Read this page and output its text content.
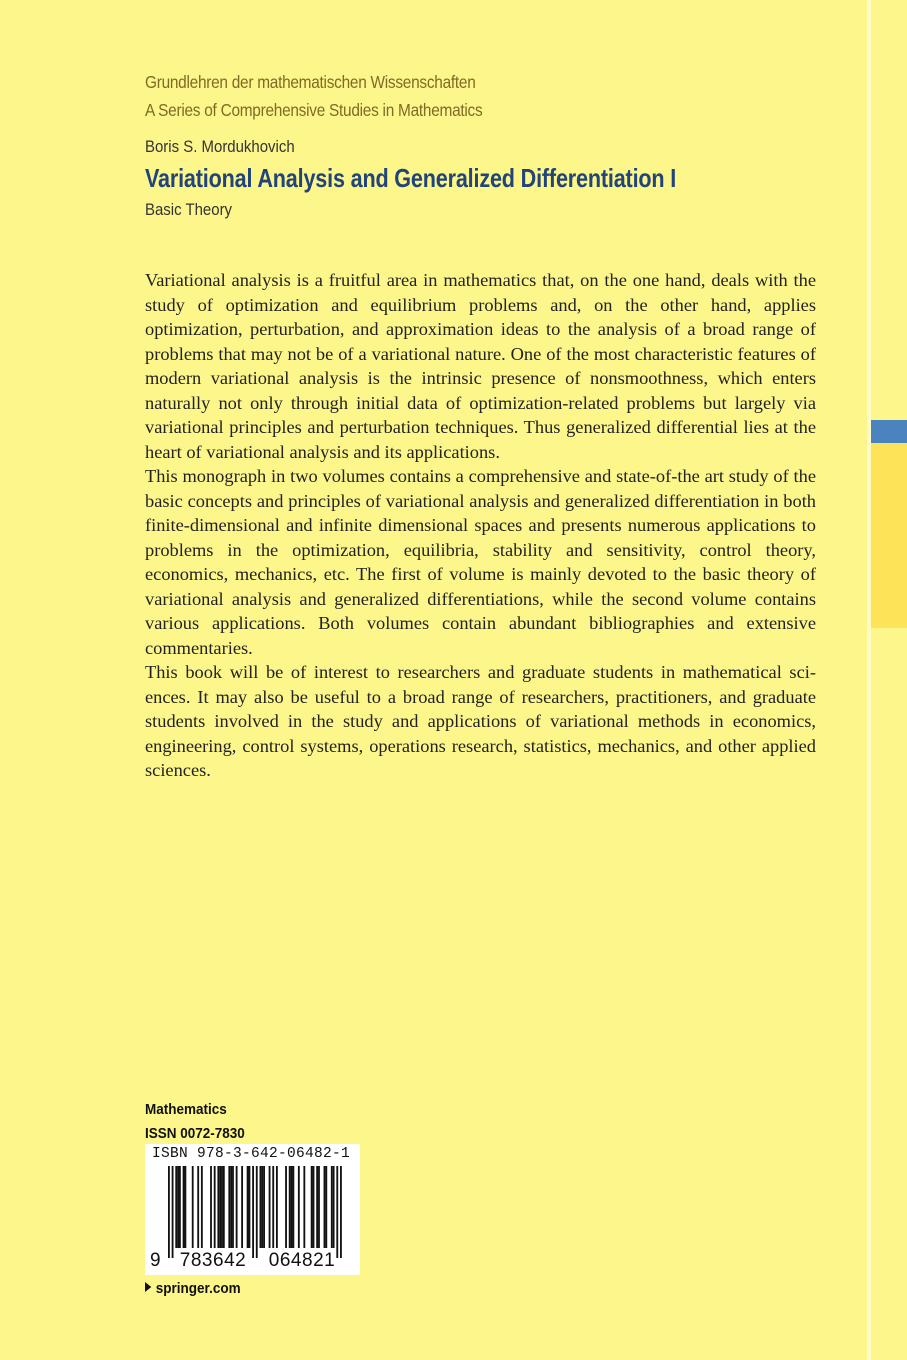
Grundlehren der mathematischen Wissenschaften
A Series of Comprehensive Studies in Mathematics
Boris S. Mordukhovich
Variational Analysis and Generalized Differentiation I
Basic Theory

Variational analysis is a fruitful area in mathematics that, on the one hand, deals with the study of optimization and equilibrium problems and, on the other hand, applies optimization, perturbation, and approximation ideas to the analysis of a broad range of problems that may not be of a variational nature. One of the most characteristic features of modern variational analysis is the intrinsic presence of nonsmoothness, which enters naturally not only through initial data of optimization-related problems but largely via variational principles and perturbation techniques. Thus generalized differential lies at the heart of variational analysis and its applications.

This monograph in two volumes contains a comprehensive and state-of-the art study of the basic concepts and principles of variational analysis and generalized differentiation in both finite-dimensional and infinite dimensional spaces and presents numerous applications to problems in the optimization, equilibria, stability and sensitivity, control theory, economics, mechanics, etc. The first of volume is mainly devoted to the basic theory of variational analysis and generalized differentiations, while the second volume contains various applications. Both volumes contain abundant bibliographies and extensive commentaries.

This book will be of interest to researchers and graduate students in mathematical sciences. It may also be useful to a broad range of researchers, practitioners, and graduate students involved in the study and applications of variational methods in economics, engineering, control systems, operations research, statistics, mechanics, and other applied sciences.

Mathematics
ISSN 0072-7830
ISBN 978-3-642-06482-1
9	783642	064821
springer.com
